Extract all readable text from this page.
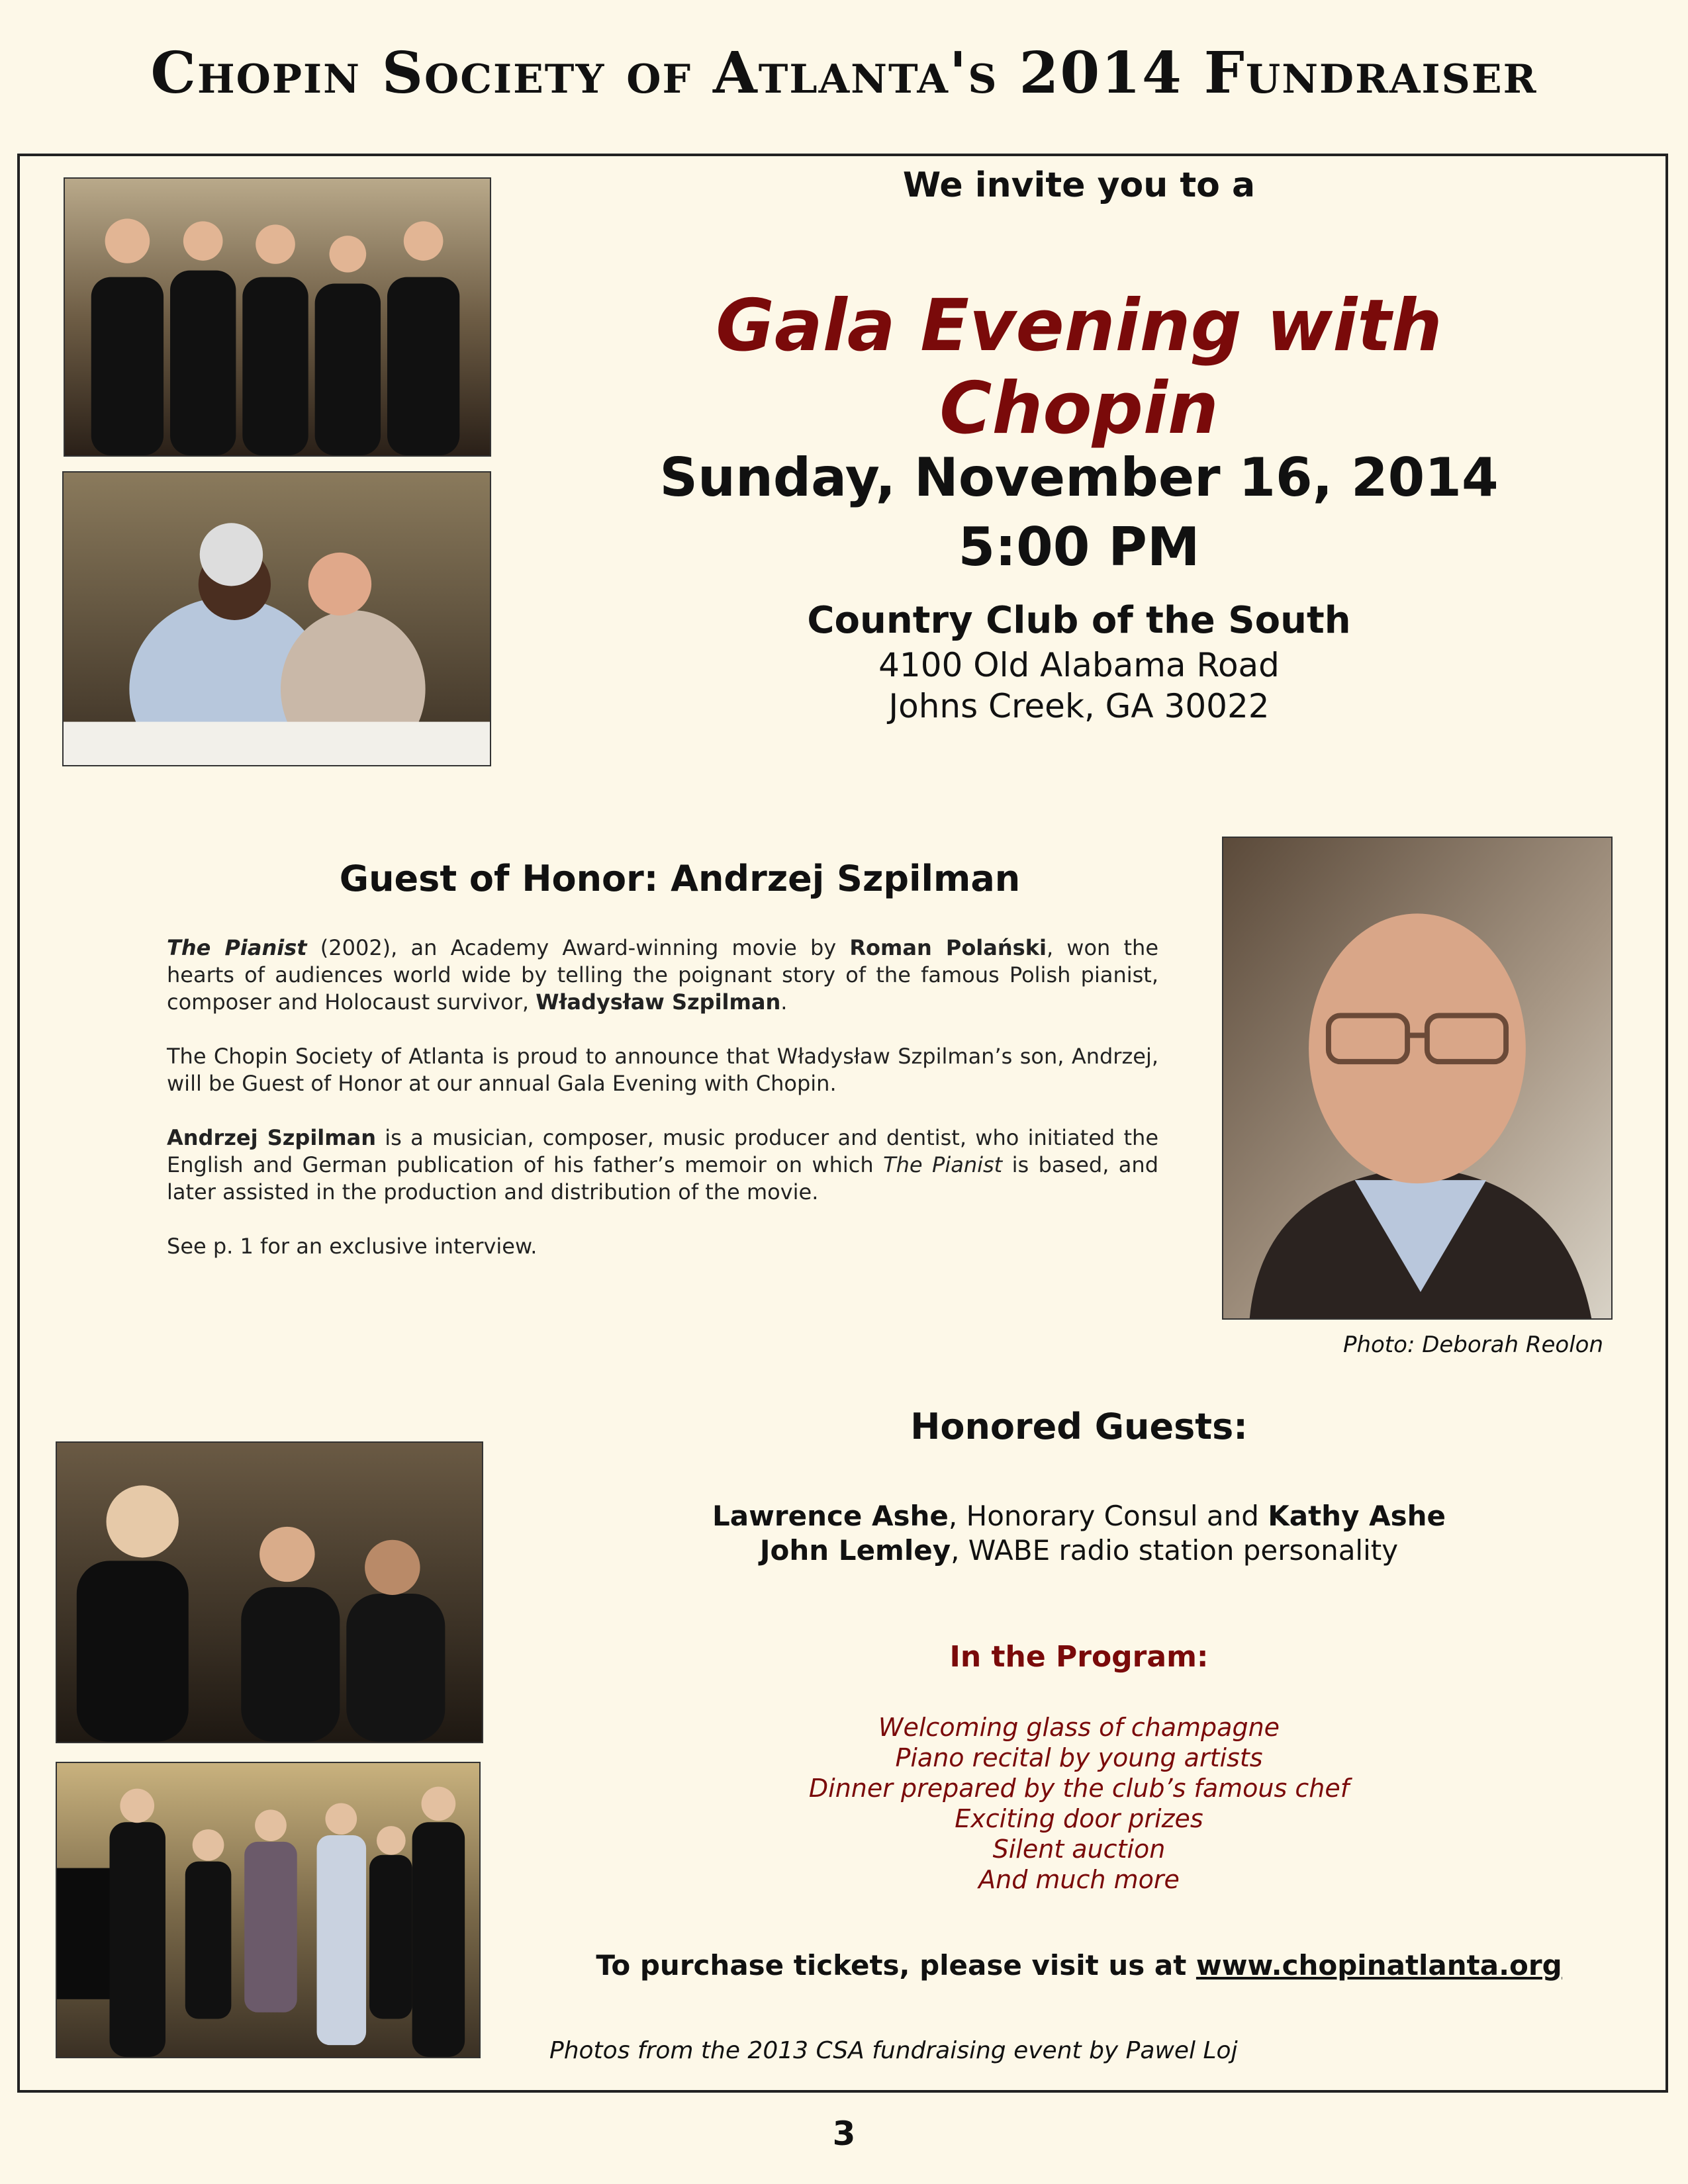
Chopin Society of Atlanta's 2014 Fundraiser
We invite you to a
Gala Evening with Chopin
Sunday, November 16, 2014
5:00 PM
Country Club of the South
4100 Old Alabama Road
Johns Creek, GA 30022
Guest of Honor: Andrzej Szpilman

The Pianist (2002), an Academy Award-winning movie by Roman Polański, won the hearts of audiences world wide by telling the poignant story of the famous Polish pianist, composer and Holocaust survivor, Władysław Szpilman.

The Chopin Society of Atlanta is proud to announce that Władysław Szpilman’s son, Andrzej, will be Guest of Honor at our annual Gala Evening with Chopin.

Andrzej Szpilman is a musician, composer, music producer and dentist, who initiated the English and German publication of his father’s memoir on which The Pianist is based, and later assisted in the production and distribution of the movie.

See p. 1 for an exclusive interview.

Photo: Deborah Reolon
Honored Guests:
Lawrence Ashe, Honorary Consul and Kathy Ashe
John Lemley, WABE radio station personality
In the Program:
Welcoming glass of champagne
Piano recital by young artists
Dinner prepared by the club’s famous chef
Exciting door prizes
Silent auction
And much more
To purchase tickets, please visit us at www.chopinatlanta.org
Photos from the 2013 CSA fundraising event by Pawel Loj
3
